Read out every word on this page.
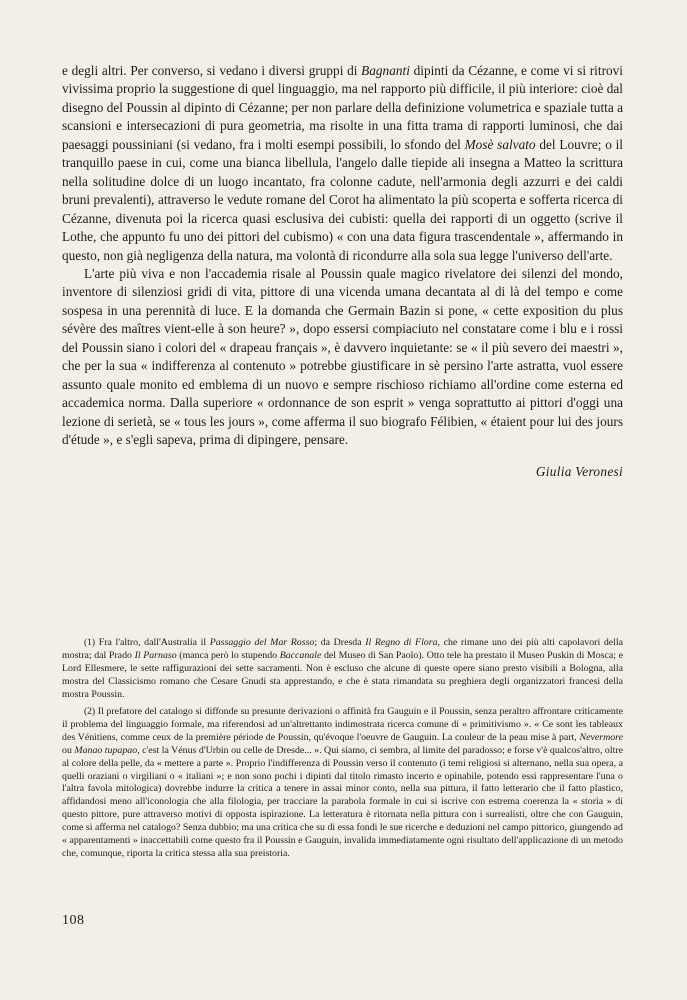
e degli altri. Per converso, si vedano i diversi gruppi di Bagnanti dipinti da Cézanne, e come vi si ritrovi vivissima proprio la suggestione di quel linguaggio, ma nel rapporto più difficile, il più interiore: cioè dal disegno del Poussin al dipinto di Cézanne; per non parlare della definizione volumetrica e spaziale tutta a scansioni e intersecazioni di pura geometria, ma risolte in una fitta trama di rapporti luminosi, che dai paesaggi poussiniani (si vedano, fra i molti esempi possibili, lo sfondo del Mosè salvato del Louvre; o il tranquillo paese in cui, come una bianca libellula, l'angelo dalle tiepide ali insegna a Matteo la scrittura nella solitudine dolce di un luogo incantato, fra colonne cadute, nell'armonia degli azzurri e dei caldi bruni prevalenti), attraverso le vedute romane del Corot ha alimentato la più scoperta e sofferta ricerca di Cézanne, divenuta poi la ricerca quasi esclusiva dei cubisti: quella dei rapporti di un oggetto (scrive il Lothe, che appunto fu uno dei pittori del cubismo) « con una data figura trascendentale », affermando in questo, non già negligenza della natura, ma volontà di ricondurre alla sola sua legge l'universo dell'arte.

L'arte più viva e non l'accademia risale al Poussin quale magico rivelatore dei silenzi del mondo, inventore di silenziosi gridi di vita, pittore di una vicenda umana decantata al di là del tempo e come sospesa in una perennità di luce. E la domanda che Germain Bazin si pone, « cette exposition du plus sévère des maîtres vient-elle à son heure? », dopo essersi compiaciuto nel constatare come i blu e i rossi del Poussin siano i colori del « drapeau français », è davvero inquietante: se « il più severo dei maestri », che per la sua « indifferenza al contenuto » potrebbe giustificare in sè persino l'arte astratta, vuol essere assunto quale monito ed emblema di un nuovo e sempre rischioso richiamo all'ordine come esterna ed accademica norma. Dalla superiore « ordonnance de son esprit » venga soprattutto ai pittori d'oggi una lezione di serietà, se « tous les jours », come afferma il suo biografo Félibien, « étaient pour lui des jours d'étude », e s'egli sapeva, prima di dipingere, pensare.

Giulia Veronesi

(1) Fra l'altro, dall'Australia il Passaggio del Mar Rosso; da Dresda Il Regno di Flora, che rimane uno dei più alti capolavori della mostra; dal Prado Il Parnaso (manca però lo stupendo Baccanale del Museo di San Paolo). Otto tele ha prestato il Museo Puskin di Mosca; e Lord Ellesmere, le sette raffigurazioni dei sette sacramenti. Non è escluso che alcune di queste opere siano presto visibili a Bologna, alla mostra del Classicismo romano che Cesare Gnudi sta apprestando, e che è stata rimandata su preghiera degli organizzatori francesi della mostra Poussin.

(2) Il prefatore del catalogo si diffonde su presunte derivazioni o affinità fra Gauguin e il Poussin, senza peraltro affrontare criticamente il problema del linguaggio formale, ma riferendosi ad un'altrettanto indimostrata ricerca comune di « primitivismo ». « Ce sont les tableaux des Vénitiens, comme ceux de la première période de Poussin, qu'évoque l'oeuvre de Gauguin. La couleur de la peau mise à part, Nevermore ou Manao tupapao, c'est la Vénus d'Urbin ou celle de Dresde... ». Qui siamo, ci sembra, al limite del paradosso; e forse v'è qualcos'altro, oltre al colore della pelle, da « mettere a parte ». Proprio l'indifferenza di Poussin verso il contenuto (i temi religiosi si alternano, nella sua opera, a quelli oraziani o virgiliani o « italiani »; e non sono pochi i dipinti dal titolo rimasto incerto e opinabile, potendo essi rappresentare l'una o l'altra favola mitologica) dovrebbe indurre la critica a tenere in assai minor conto, nella sua pittura, il fatto letterario che il fatto plastico, affidandosi meno all'iconologia che alla filologia, per tracciare la parabola formale in cui si iscrive con estrema coerenza la « storia » di questo pittore, pure attraverso motivi di opposta ispirazione. La letteratura è ritornata nella pittura con i surrealisti, oltre che con Gauguin, come si afferma nel catalogo? Senza dubbio; ma una critica che su di essa fondi le sue ricerche e deduzioni nel campo pittorico, giungendo ad « apparentamenti » inaccettabili come questo fra il Poussin e Gauguin, invalida immediatamente ogni risultato dell'applicazione di un metodo che, comunque, riporta la critica stessa alla sua preistoria.

108
